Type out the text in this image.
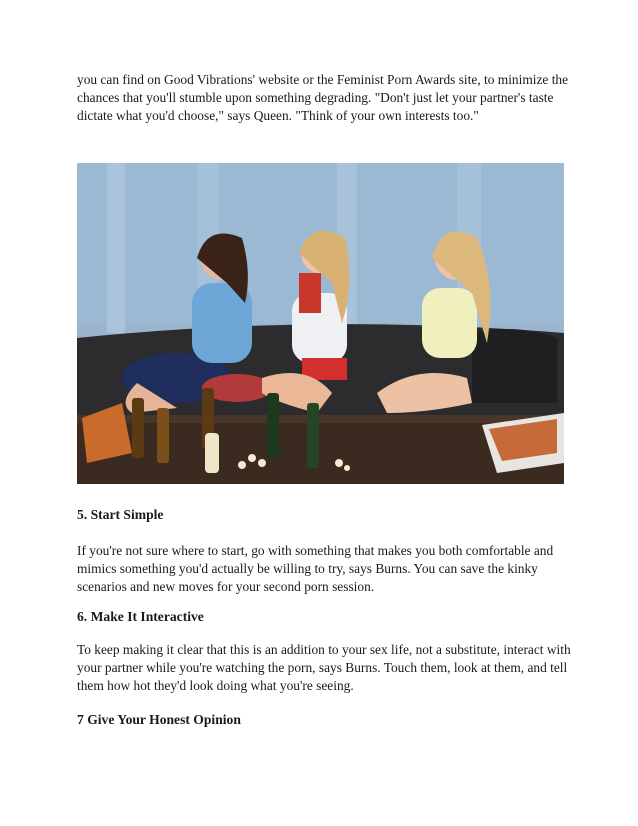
you can find on Good Vibrations' website or the Feminist Porn Awards site, to minimize the chances that you'll stumble upon something degrading. "Don't just let your partner's taste dictate what you'd choose," says Queen. "Think of your own interests too."

5. Start Simple

If you're not sure where to start, go with something that makes you both comfortable and mimics something you'd actually be willing to try, says Burns. You can save the kinky scenarios and new moves for your second porn session.

6. Make It Interactive

To keep making it clear that this is an addition to your sex life, not a substitute, interact with your partner while you're watching the porn, says Burns. Touch them, look at them, and tell them how hot they'd look doing what you're seeing.

7 Give Your Honest Opinion
